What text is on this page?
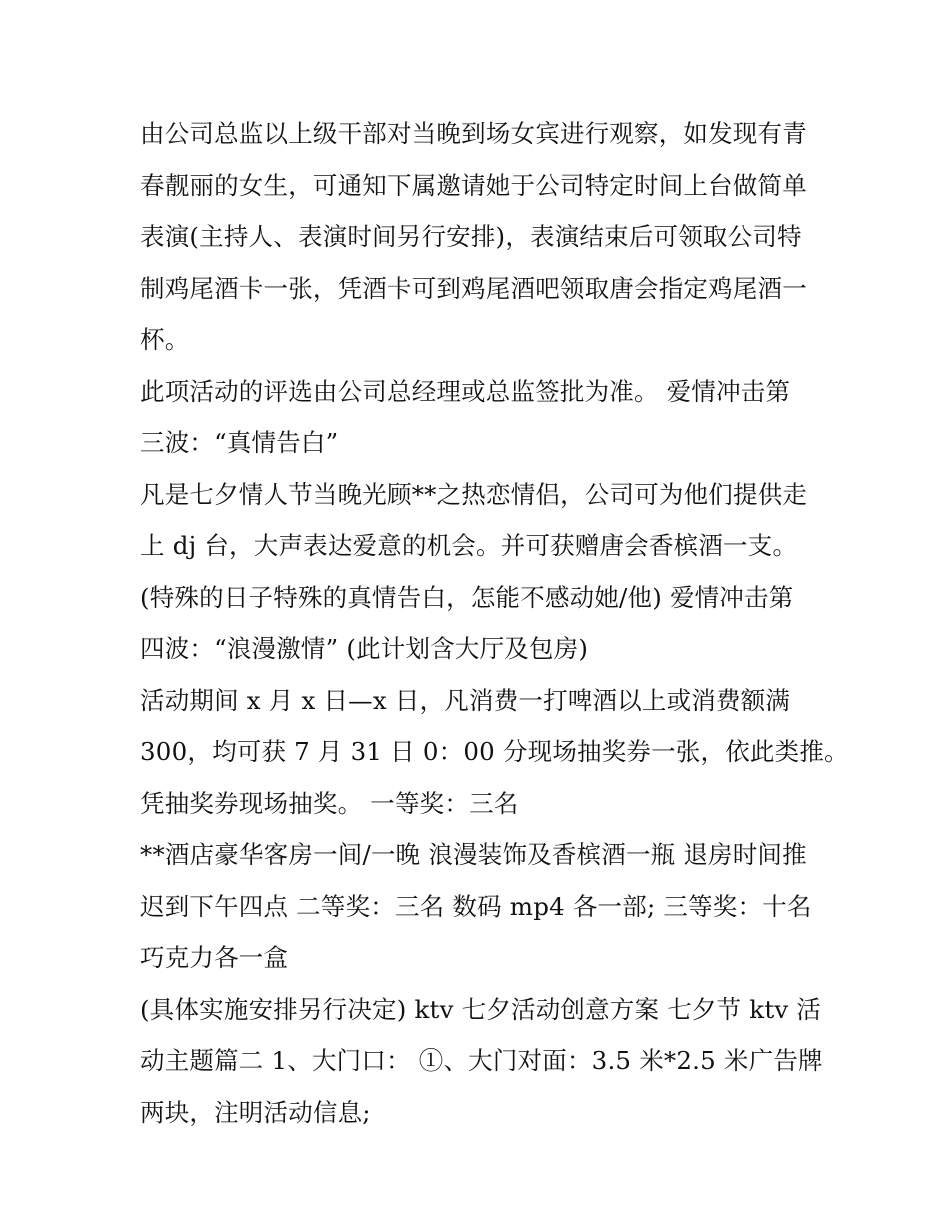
由公司总监以上级干部对当晚到场女宾进行观察，如发现有青
春靓丽的女生，可通知下属邀请她于公司特定时间上台做简单
表演(主持人、表演时间另行安排)，表演结束后可领取公司特
制鸡尾酒卡一张，凭酒卡可到鸡尾酒吧领取唐会指定鸡尾酒一
杯。
此项活动的评选由公司总经理或总监签批为准。 爱情冲击第
三波：“真情告白”
凡是七夕情人节当晚光顾**之热恋情侣，公司可为他们提供走
上 dj 台，大声表达爱意的机会。并可获赠唐会香槟酒一支。
(特殊的日子特殊的真情告白，怎能不感动她/他) 爱情冲击第
四波：“浪漫激情” (此计划含大厅及包房)
活动期间 x 月 x 日—x 日，凡消费一打啤酒以上或消费额满
300，均可获 7 月 31 日 0：00 分现场抽奖券一张，依此类推。
凭抽奖券现场抽奖。 一等奖：三名
**酒店豪华客房一间/一晚 浪漫装饰及香槟酒一瓶 退房时间推
迟到下午四点 二等奖：三名 数码 mp4 各一部; 三等奖：十名
巧克力各一盒
(具体实施安排另行决定) ktv 七夕活动创意方案 七夕节 ktv 活
动主题篇二 1、大门口： ①、大门对面：3.5 米*2.5 米广告牌
两块，注明活动信息;
